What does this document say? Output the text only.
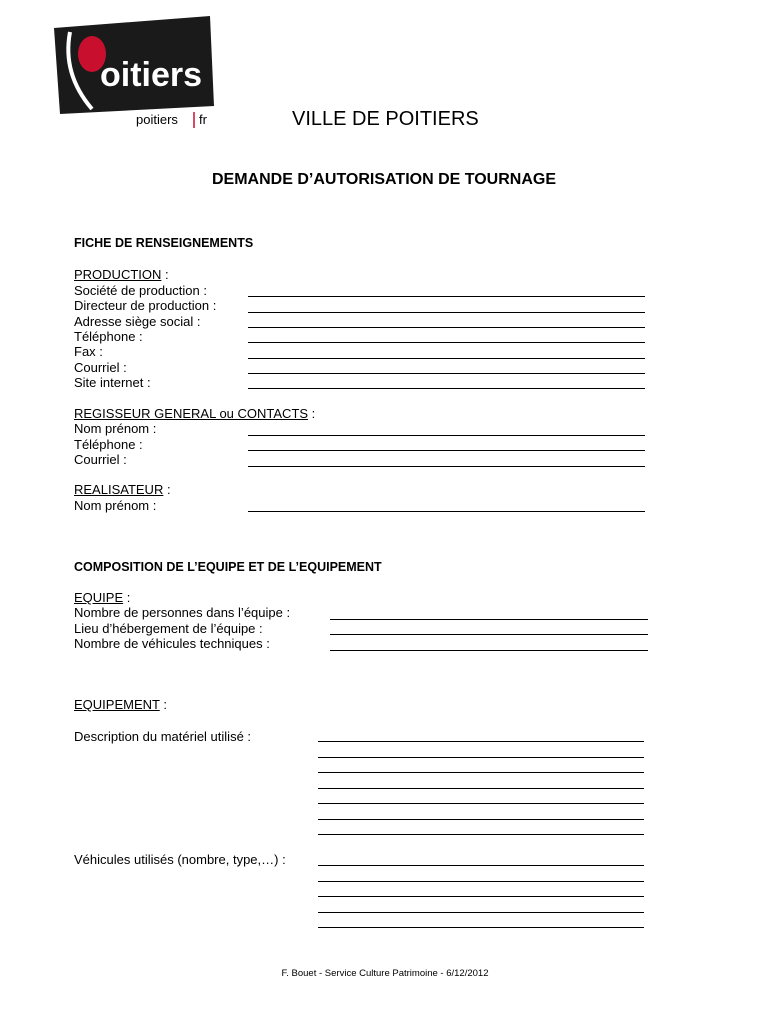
oitiers
poitiers fr	VILLE DE POITIERS
DEMANDE D’AUTORISATION DE TOURNAGE
FICHE DE RENSEIGNEMENTS
PRODUCTION :
Société de production :
Directeur de production :
Adresse siège social :
Téléphone :
Fax :
Courriel :
Site internet :
REGISSEUR GENERAL ou CONTACTS :
Nom prénom :
Téléphone :
Courriel :
REALISATEUR :
Nom prénom :
COMPOSITION DE L’EQUIPE ET DE L’EQUIPEMENT
EQUIPE :
Nombre de personnes dans l’équipe :
Lieu d’hébergement de l’équipe :
Nombre de véhicules techniques :
EQUIPEMENT :
Description du matériel utilisé :
Véhicules utilisés (nombre, type,…) :
F. Bouet - Service Culture Patrimoine - 6/12/2012
